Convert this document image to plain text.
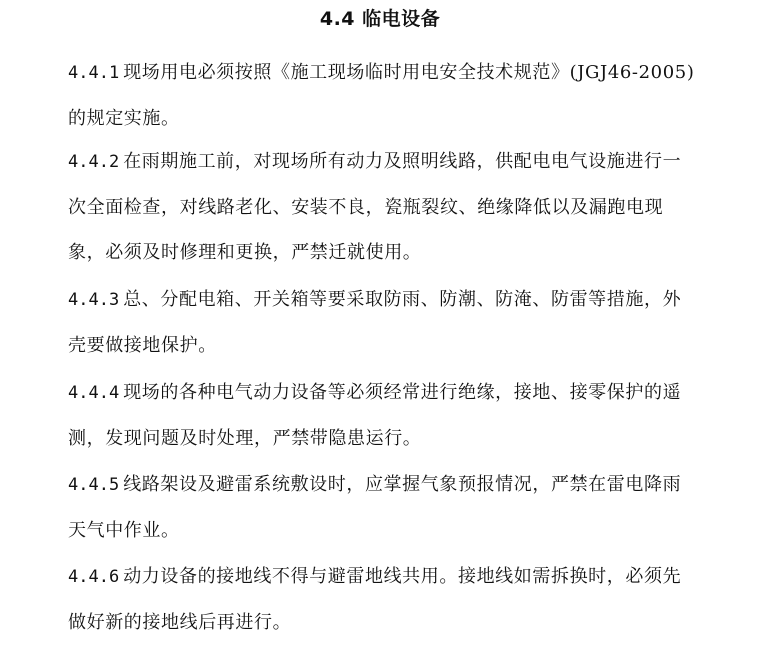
4.4 临电设备
4.4.1 现场用电必须按照《施工现场临时用电安全技术规范》(JGJ46-2005)
的规定实施。
4.4.2 在雨期施工前，对现场所有动力及照明线路，供配电电气设施进行一
次全面检查，对线路老化、安装不良，瓷瓶裂纹、绝缘降低以及漏跑电现
象，必须及时修理和更换，严禁迁就使用。
4.4.3 总、分配电箱、开关箱等要采取防雨、防潮、防淹、防雷等措施，外
壳要做接地保护。
4.4.4 现场的各种电气动力设备等必须经常进行绝缘，接地、接零保护的遥
测，发现问题及时处理，严禁带隐患运行。
4.4.5 线路架设及避雷系统敷设时，应掌握气象预报情况，严禁在雷电降雨
天气中作业。
4.4.6 动力设备的接地线不得与避雷地线共用。接地线如需拆换时，必须先
做好新的接地线后再进行。
